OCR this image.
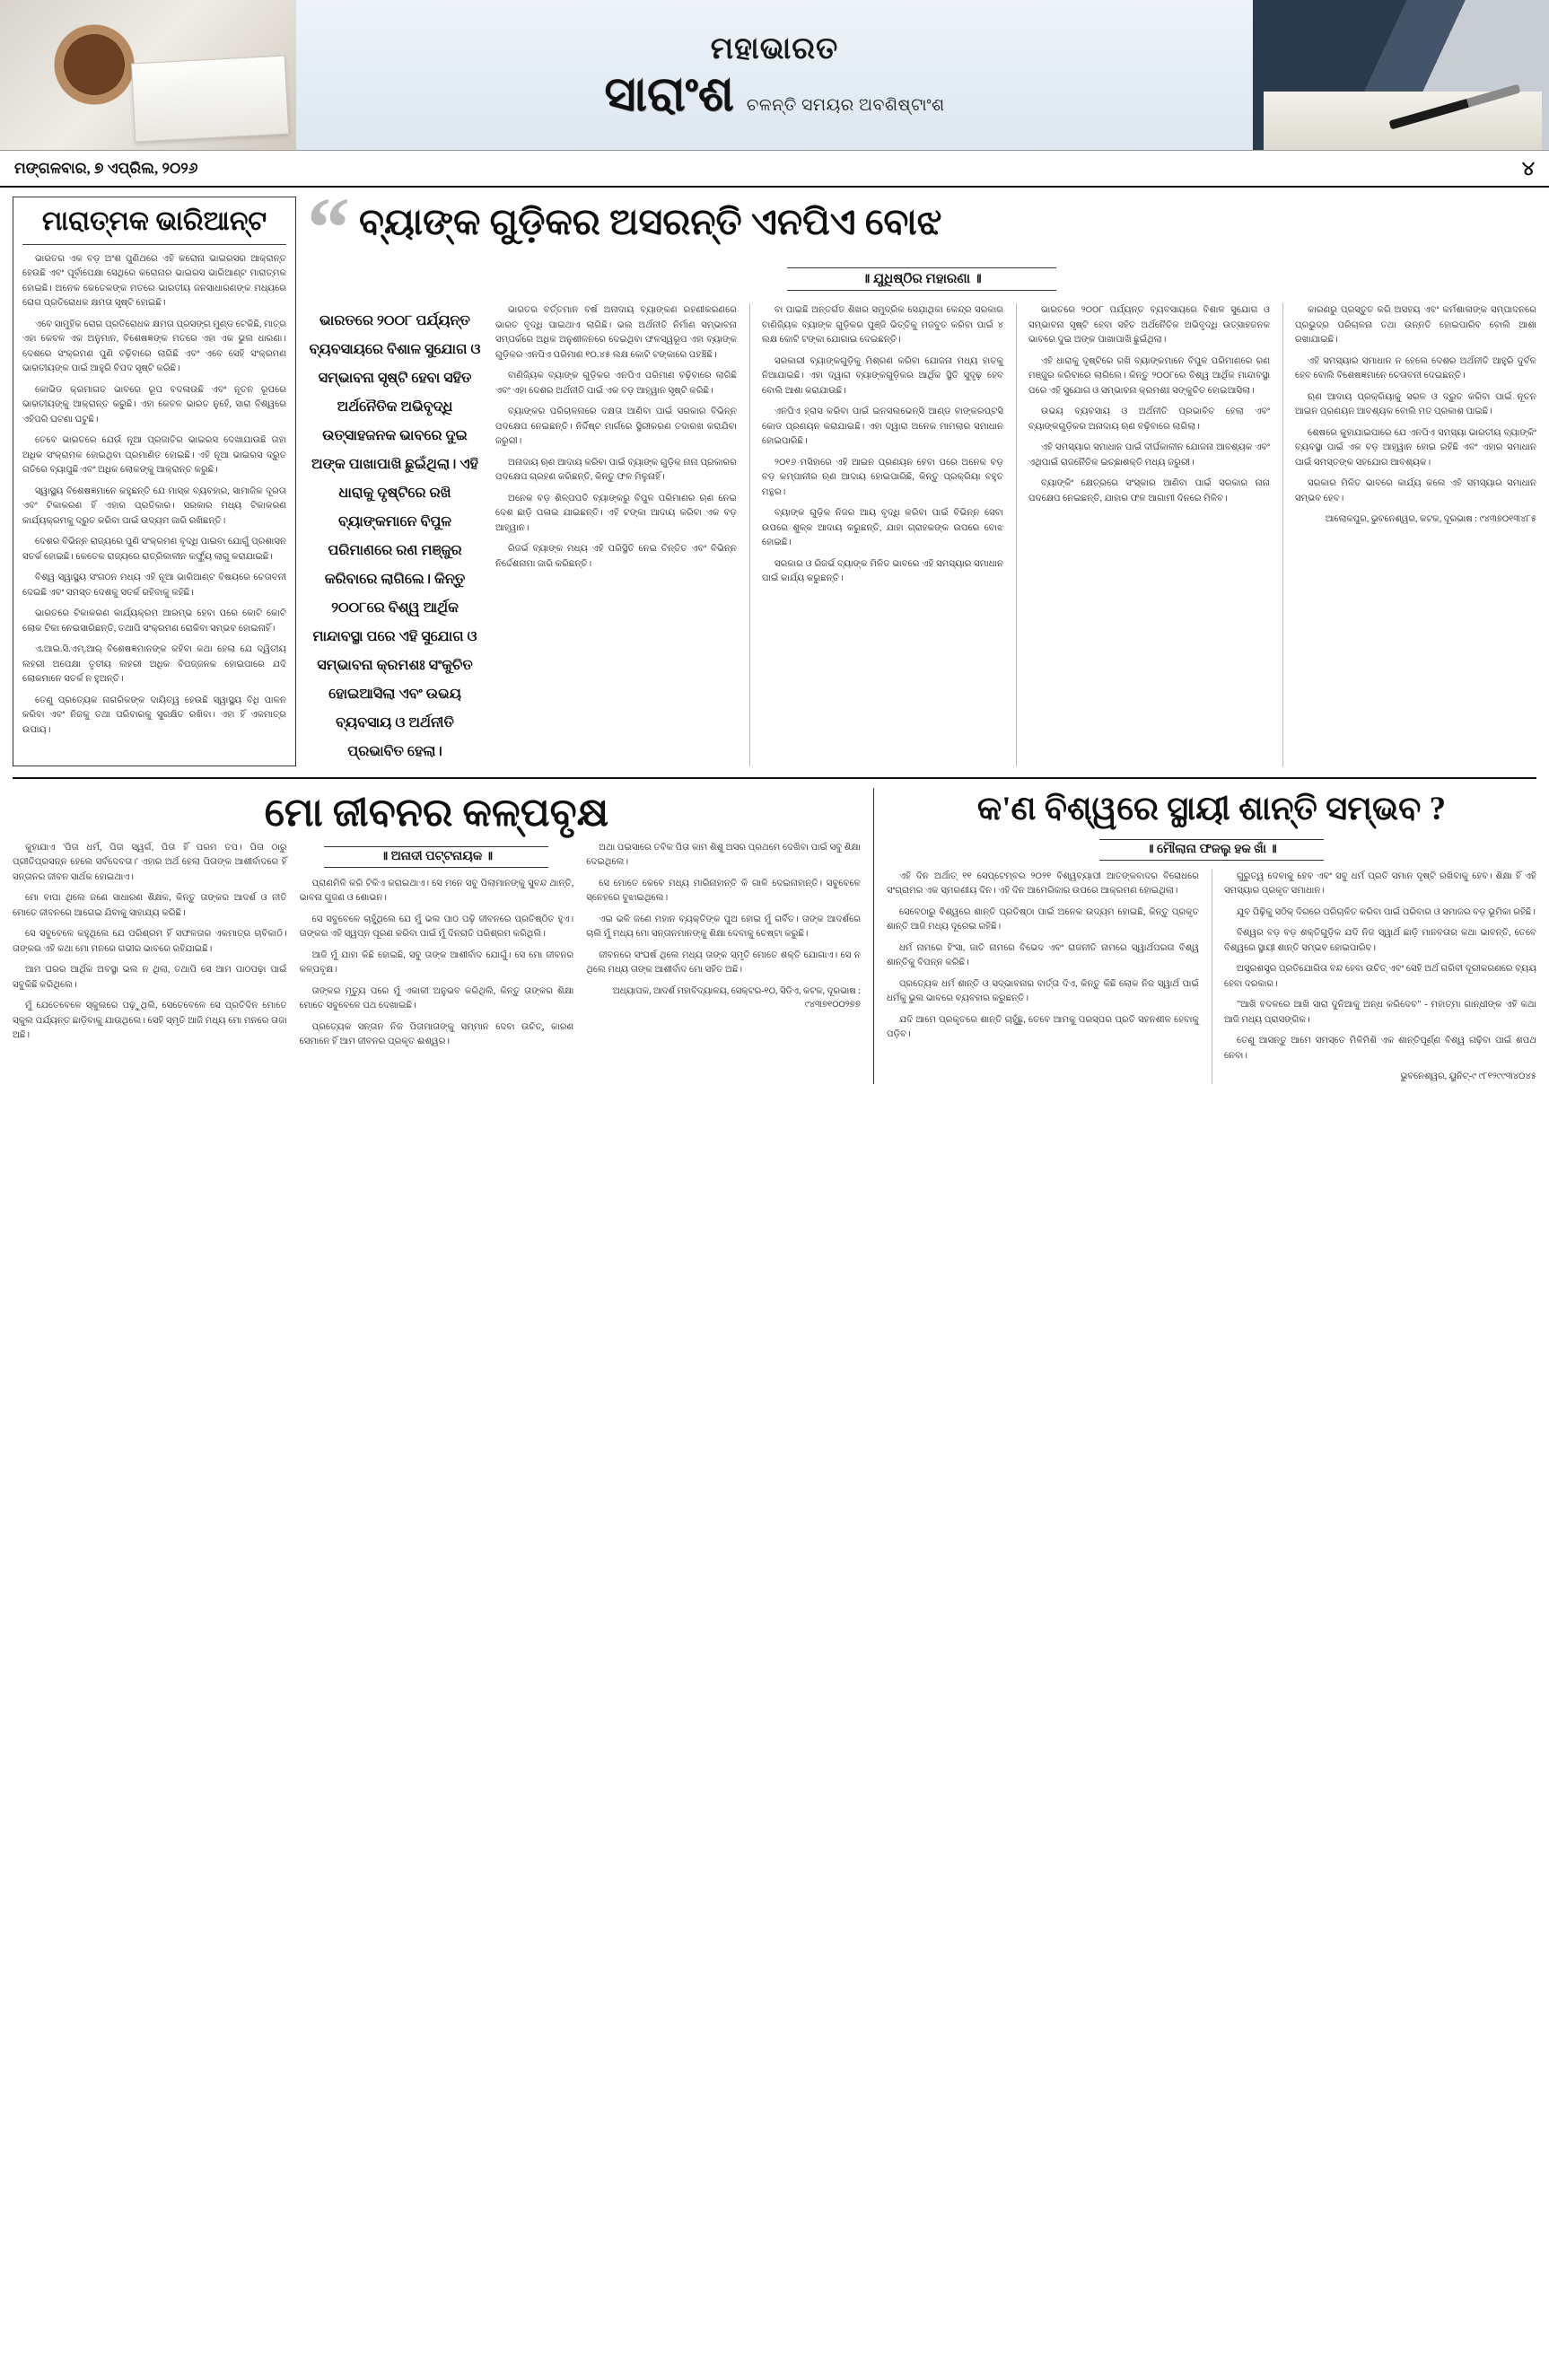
ମହାଭାରତ
ସାରାଂଶ ଚଳନ୍ତି ସମୟର ଅବଶିଷ୍ଟାଂଶ
ମଙ୍ଗଳବାର, ୭ ଏପ୍ରିଲ, ୨୦୨୬	୪
ମାରାତ୍ମକ ଭାରିଆନ୍ଟ

ଭାରତର ଏକ ବଡ଼ ଅଂଶ ପୁଣିଥରେ ଏହି କରୋନା ଭାଇରସର ଆକ୍ରାନ୍ତ ହେଉଛି ଏବଂ ପୂର୍ବାପେକ୍ଷା ସେଥିରେ କରୋନାର ଭାଇରସ ଭାରିଆଣ୍ଟ ମାରାତ୍ମକ ହୋଇଛି। ଅନେକ କେତେକଙ୍କ ମତରେ ଭାରତୀୟ ଜନସାଧାରଣଙ୍କ ମଧ୍ୟରେ ରୋଗ ପ୍ରତିରୋଧକ କ୍ଷମତା ସୃଷ୍ଟି ହୋଇଛି।

ଏବେ ସାମୁହିକ ରୋଗ ପ୍ରତିରୋଧକ କ୍ଷମତା ପ୍ରସଙ୍ଗ ମୁଣ୍ଡ ଟେକିଛି, ମାତ୍ର ଏହା କେବଳ ଏକ ଅନୁମାନ, ବିଶେଷଜ୍ଞଙ୍କ ମତରେ ଏହା ଏକ ଭୁଲ ଧାରଣା। ଦେଶରେ ସଂକ୍ରମଣ ପୁଣି ବଢ଼ିବାରେ ଲାଗିଛି ଏବଂ ଏବେ ସେହି ସଂକ୍ରମଣ ଭାରତୀୟଙ୍କ ପାଇଁ ଆହୁରି ବିପଦ ସୃଷ୍ଟି କରିଛି।

କୋଭିଡ କ୍ରମାଗତ ଭାବରେ ରୂପ ବଦଳାଉଛି ଏବଂ ନୂତନ ରୂପରେ ଭାରତୀୟଙ୍କୁ ଆକ୍ରାନ୍ତ କରୁଛି। ଏହା କେବଳ ଭାରତ ନୁହେଁ, ସାରା ବିଶ୍ୱରେ ଏହିପରି ଘଟଣା ଘଟୁଛି।

ତେବେ ଭାରତରେ ଯେଉଁ ନୂଆ ପ୍ରଜାତିର ଭାଇରସ ଦେଖାଯାଉଛି ତାହା ଅଧିକ ସଂକ୍ରାମକ ହୋଇଥିବା ପ୍ରମାଣିତ ହୋଇଛି। ଏହି ନୂଆ ଭାଇରସ ଦ୍ରୁତ ଗତିରେ ବ୍ୟାପୁଛି ଏବଂ ଅଧିକ ଲୋକଙ୍କୁ ଆକ୍ରାନ୍ତ କରୁଛି।

ସ୍ୱାସ୍ଥ୍ୟ ବିଶେଷଜ୍ଞମାନେ କହୁଛନ୍ତି ଯେ ମାସ୍କ ବ୍ୟବହାର, ସାମାଜିକ ଦୂରତା ଏବଂ ଟିକାକରଣ ହିଁ ଏହାର ପ୍ରତିକାର। ସରକାର ମଧ୍ୟ ଟିକାକରଣ କାର୍ଯ୍ୟକ୍ରମକୁ ଦ୍ରୁତ କରିବା ପାଇଁ ଉଦ୍ୟମ ଜାରି ରଖିଛନ୍ତି।

ଦେଶର ବିଭିନ୍ନ ରାଜ୍ୟରେ ପୁଣି ସଂକ୍ରମଣ ବୃଦ୍ଧି ପାଇବା ଯୋଗୁଁ ପ୍ରଶାସନ ସତର୍କ ହୋଇଛି। କେତେକ ରାଜ୍ୟରେ ରାତ୍ରିକାଳୀନ କର୍ଫ୍ୟୁ ଲାଗୁ କରାଯାଇଛି।

ବିଶ୍ୱ ସ୍ୱାସ୍ଥ୍ୟ ସଂଗଠନ ମଧ୍ୟ ଏହି ନୂଆ ଭାରିଆଣ୍ଟ ବିଷୟରେ ଚେତାବନୀ ଦେଇଛି ଏବଂ ସମସ୍ତ ଦେଶକୁ ସତର୍କ ରହିବାକୁ କହିଛି।

ଭାରତରେ ଟିକାକରଣ କାର୍ଯ୍ୟକ୍ରମ ଆରମ୍ଭ ହେବା ପରେ କୋଟି କୋଟି ଲୋକ ଟିକା ନେଇସାରିଛନ୍ତି, ତଥାପି ସଂକ୍ରମଣ ରୋକିବା ସମ୍ଭବ ହୋଇନାହିଁ।

ଏ.ଆଇ.ସି.ଏମ୍.ଆର୍ ବିଶେଷଜ୍ଞମାନଙ୍କ କହିବା କଥା ହେଲା ଯେ ଦ୍ୱିତୀୟ ଲହରୀ ଅପେକ୍ଷା ତୃତୀୟ ଲହରୀ ଅଧିକ ବିପଜ୍ଜନକ ହୋଇପାରେ ଯଦି ଲୋକମାନେ ସତର୍କ ନ ହୁଅନ୍ତି।

ତେଣୁ ପ୍ରତ୍ୟେକ ନାଗରିକଙ୍କ ଦାୟିତ୍ୱ ହେଉଛି ସ୍ୱାସ୍ଥ୍ୟ ବିଧି ପାଳନ କରିବା ଏବଂ ନିଜକୁ ତଥା ପରିବାରକୁ ସୁରକ୍ଷିତ ରଖିବା। ଏହା ହିଁ ଏକମାତ୍ର ଉପାୟ।

“ ବ୍ୟାଙ୍କ ଗୁଡ଼ିକର ଅସରନ୍ତି ଏନପିଏ ବୋଝ
॥ ଯୁଧିଷ୍ଠିର ମହାରଣା ॥
ଭାରତରେ ୨୦୦୮ ପର୍ଯ୍ୟନ୍ତ ବ୍ୟବସାୟରେ ବିଶାଳ ସୁଯୋଗ ଓ ସମ୍ଭାବନା ସୃଷ୍ଟି ହେବା ସହିତ ଅର୍ଥନୈତିକ ଅଭିବୃଦ୍ଧି ଉତ୍ସାହଜନକ ଭାବରେ ଦୁଇ ଅଙ୍କ ପାଖାପାଖି ଛୁଇଁଥିଲା। ଏହି ଧାରାକୁ ଦୃଷ୍ଟିରେ ରଖି ବ୍ୟାଙ୍କମାନେ ବିପୁଳ ପରିମାଣରେ ରଣ ମଞ୍ଜୁର କରିବାରେ ଲାଗିଲେ। କିନ୍ତୁ ୨୦୦୮ରେ ବିଶ୍ୱ ଆର୍ଥିକ ମାନ୍ଦାବସ୍ଥା ପରେ ଏହି ସୁଯୋଗ ଓ ସମ୍ଭାବନା କ୍ରମଶଃ ସଂକୁଚିତ ହୋଇଆସିଲା ଏବଂ ଉଭୟ ବ୍ୟବସାୟ ଓ ଅର୍ଥନୀତି ପ୍ରଭାବିତ ହେଲା।

ଭାରତର ବର୍ତ୍ତମାନ ବର୍ଷ ଅନାଦାୟ ବ୍ୟାଙ୍କଣ ରହଣୀକରଣରେ ଭାରତ ବୃଦ୍ଧି ପାଇଥାଏ ଲାଗିଛି। ଭଲ ଅର୍ଥନୀତି ନିର୍ମାଣ ସମ୍ଭାବନା ସମ୍ପର୍କରେ ଅଧିକ ଅନୁଶୀଳନରେ ଦେଇଥିବା ଫଳସ୍ୱରୂପ ଏହା ବ୍ୟାଙ୍କ ଗୁଡ଼ିକର ଏନପିଏ ପରିମାଣ ୧୦.୪୫ ଲକ୍ଷ କୋଟି ଟଙ୍କାରେ ପହଞ୍ଚିଛି।

ବାଣିଜ୍ୟିକ ବ୍ୟାଙ୍କ ଗୁଡ଼ିକର ଏନପିଏ ପରିମାଣ ବଢ଼ିବାରେ ଲାଗିଛି ଏବଂ ଏହା ଦେଶର ଅର୍ଥନୀତି ପାଇଁ ଏକ ବଡ଼ ଆହ୍ୱାନ ସୃଷ୍ଟି କରିଛି।

ବ୍ୟାଙ୍କର ପରିଚାଳନାରେ ଦକ୍ଷତା ଆଣିବା ପାଇଁ ସରକାର ବିଭିନ୍ନ ପଦକ୍ଷେପ ନେଇଛନ୍ତି। ନିର୍ଦ୍ଦିଷ୍ଟ ମାର୍ଗରେ ସ୍ଥିରୀକରଣ ତଦାରଖ କରାଯିବା ଜରୁରୀ।

ଅନାଦାୟ ଋଣ ଆଦାୟ କରିବା ପାଇଁ ବ୍ୟାଙ୍କ ଗୁଡ଼ିକ ନାନା ପ୍ରକାରର ପଦକ୍ଷେପ ଗ୍ରହଣ କରିଛନ୍ତି, କିନ୍ତୁ ଫଳ ମିଳୁନାହିଁ।

ଅନେକ ବଡ଼ ଶିଳ୍ପପତି ବ୍ୟାଙ୍କରୁ ବିପୁଳ ପରିମାଣର ଋଣ ନେଇ ଦେଶ ଛାଡ଼ି ପଳାଇ ଯାଇଛନ୍ତି। ଏହି ଟଙ୍କା ଆଦାୟ କରିବା ଏକ ବଡ଼ ଆହ୍ୱାନ।

ରିଜର୍ଭ ବ୍ୟାଙ୍କ ମଧ୍ୟ ଏହି ପରିସ୍ଥିତି ନେଇ ଚିନ୍ତିତ ଏବଂ ବିଭିନ୍ନ ନିର୍ଦ୍ଦେଶନାମା ଜାରି କରିଛନ୍ତି।

ବା ପାଇଛି ଅନ୍ତର୍ଗତ ଶିଖର ସମୁଦ୍ରିକ ସେଯ଼ାଥିକା କେନ୍ଦ୍ର ସରକାର ବାଣିଜ୍ୟିକ ବ୍ୟାଙ୍କ ଗୁଡ଼ିକର ପୁଞ୍ଜି ଭିତ୍ତିକୁ ମଜବୁତ କରିବା ପାଇଁ ୪ ଲକ୍ଷ କୋଟି ଟଙ୍କା ଯୋଗାଇ ଦେଇଛନ୍ତି।

ସରକାରୀ ବ୍ୟାଙ୍କଗୁଡ଼ିକୁ ମିଶ୍ରଣ କରିବା ଯୋଜନା ମଧ୍ୟ ହାତକୁ ନିଆଯାଇଛି। ଏହା ଦ୍ୱାରା ବ୍ୟାଙ୍କଗୁଡ଼ିକର ଆର୍ଥିକ ସ୍ଥିତି ସୁଦୃଢ଼ ହେବ ବୋଲି ଆଶା କରାଯାଉଛି।

ଏନପିଏ ହ୍ରାସ କରିବା ପାଇଁ ଇନସଲଭେନ୍ସି ଆଣ୍ଡ ବାଙ୍କରପ୍ଟସି କୋଡ ପ୍ରଣୟନ କରାଯାଇଛି। ଏହା ଦ୍ୱାରା ଅନେକ ମାମଲାର ସମାଧାନ ହୋଇପାରିଛି।

୨୦୧୬ ମସିହାରେ ଏହି ଆଇନ ପ୍ରଣୟନ ହେବା ପରେ ଅନେକ ବଡ଼ ବଡ଼ କମ୍ପାନୀର ଋଣ ଆଦାୟ ହୋଇପାରିଛି, କିନ୍ତୁ ପ୍ରକ୍ରିୟା ବହୁତ ମନ୍ଥର।

ବ୍ୟାଙ୍କ ଗୁଡ଼ିକ ନିଜର ଆୟ ବୃଦ୍ଧି କରିବା ପାଇଁ ବିଭିନ୍ନ ସେବା ଉପରେ ଶୁଳ୍କ ଆଦାୟ କରୁଛନ୍ତି, ଯାହା ଗ୍ରାହକଙ୍କ ଉପରେ ବୋଝ ହୋଇଛି।

ସରକାର ଓ ରିଜର୍ଭ ବ୍ୟାଙ୍କ ମିଳିତ ଭାବରେ ଏହି ସମସ୍ୟାର ସମାଧାନ ପାଇଁ କାର୍ଯ୍ୟ କରୁଛନ୍ତି।

ଭାରତରେ ୨୦୦୮ ପର୍ଯ୍ୟନ୍ତ ବ୍ୟବସାୟରେ ବିଶାଳ ସୁଯୋଗ ଓ ସମ୍ଭାବନା ସୃଷ୍ଟି ହେବା ସହିତ ଅର୍ଥନୈତିକ ଅଭିବୃଦ୍ଧି ଉତ୍ସାହଜନକ ଭାବରେ ଦୁଇ ଅଙ୍କ ପାଖାପାଖି ଛୁଇଁଥିଲା।

ଏହି ଧାରାକୁ ଦୃଷ୍ଟିରେ ରଖି ବ୍ୟାଙ୍କମାନେ ବିପୁଳ ପରିମାଣରେ ରଣ ମଞ୍ଜୁର କରିବାରେ ଲାଗିଲେ। କିନ୍ତୁ ୨୦୦୮ରେ ବିଶ୍ୱ ଆର୍ଥିକ ମାନ୍ଦାବସ୍ଥା ପରେ ଏହି ସୁଯୋଗ ଓ ସମ୍ଭାବନା କ୍ରମଶଃ ସଙ୍କୁଚିତ ହୋଇଆସିଲା।

ଉଭୟ ବ୍ୟବସାୟ ଓ ଅର୍ଥନୀତି ପ୍ରଭାବିତ ହେଲା ଏବଂ ବ୍ୟାଙ୍କଗୁଡ଼ିକର ଅନାଦାୟ ଋଣ ବଢ଼ିବାରେ ଲାଗିଲା।

ଏହି ସମସ୍ୟାର ସମାଧାନ ପାଇଁ ଦୀର୍ଘକାଳୀନ ଯୋଜନା ଆବଶ୍ୟକ ଏବଂ ଏଥିପାଇଁ ରାଜନୈତିକ ଇଚ୍ଛାଶକ୍ତି ମଧ୍ୟ ଜରୁରୀ।

ବ୍ୟାଙ୍କିଂ କ୍ଷେତ୍ରରେ ସଂସ୍କାର ଆଣିବା ପାଇଁ ସରକାର ନାନା ପଦକ୍ଷେପ ନେଇଛନ୍ତି, ଯାହାର ଫଳ ଆଗାମୀ ଦିନରେ ମିଳିବ।

କାରଣରୁ ପ୍ରସ୍ତୁତ କରି ଅସହୟ ଏବଂ କର୍ମଶାଳାଙ୍କ ସମ୍ପାଦନରେ ପ୍ରଭୁଦ୍ର ପରିଚାଳନା ତଥା ଉନ୍ନତି ହୋଇପାରିବ ବୋଲି ଆଶା ରଖାଯାଇଛି।

ଏହି ସମସ୍ୟାର ସମାଧାନ ନ ହେଲେ ଦେଶର ଅର୍ଥନୀତି ଆହୁରି ଦୁର୍ବଳ ହେବ ବୋଲି ବିଶେଷଜ୍ଞମାନେ ଚେତାବନୀ ଦେଇଛନ୍ତି।

ଋଣ ଆଦାୟ ପ୍ରକ୍ରିୟାକୁ ସରଳ ଓ ଦ୍ରୁତ କରିବା ପାଇଁ ନୂତନ ଆଇନ ପ୍ରଣୟନ ଆବଶ୍ୟକ ବୋଲି ମତ ପ୍ରକାଶ ପାଇଛି।

ଶେଷରେ କୁହାଯାଇପାରେ ଯେ ଏନପିଏ ସମସ୍ୟା ଭାରତୀୟ ବ୍ୟାଙ୍କିଂ ବ୍ୟବସ୍ଥା ପାଇଁ ଏକ ବଡ଼ ଆହ୍ୱାନ ହୋଇ ରହିଛି ଏବଂ ଏହାର ସମାଧାନ ପାଇଁ ସମସ୍ତଙ୍କ ସହଯୋଗ ଆବଶ୍ୟକ।

ସରକାର ମିଳିତ ଭାବରେ କାର୍ଯ୍ୟ କଲେ ଏହି ସମସ୍ୟାର ସମାଧାନ ସମ୍ଭବ ହେବ।

ଆଲୋକପୁର, ଭୁବନେଶ୍ୱର, କଟକ, ଦୂରଭାଷ : ୯୪୩୭୦୧୩୪୮୫
ମୋ ଜୀବନର କଳ୍ପବୃକ୍ଷ

କୁହାଯାଏ 'ପିତା ଧର୍ମ, ପିତା ସ୍ୱର୍ଗ, ପିତା ହିଁ ପରମ ତପ। ପିତା ଠାରୁ ପ୍ରୀତିପ୍ରସନ୍ନ ହେଲେ ସର୍ବଦେବତା।' ଏହାର ଅର୍ଥ ହେଲା ପିତାଙ୍କ ଆଶୀର୍ବାଦରେ ହିଁ ସନ୍ତାନର ଜୀବନ ସାର୍ଥକ ହୋଇଥାଏ।

ମୋ ବାପା ଥିଲେ ଜଣେ ସାଧାରଣ ଶିକ୍ଷକ, କିନ୍ତୁ ତାଙ୍କର ଆଦର୍ଶ ଓ ନୀତି ମୋତେ ଜୀବନରେ ଆଗେଇ ଯିବାକୁ ସାହାଯ୍ୟ କରିଛି।

ସେ ସବୁବେଳେ କହୁଥିଲେ ଯେ ପରିଶ୍ରମ ହିଁ ସଫଳତାର ଏକମାତ୍ର ଚାବିକାଠି। ତାଙ୍କର ଏହି କଥା ମୋ ମନରେ ଗଭୀର ଭାବରେ ରହିଯାଇଛି।

ଆମ ଘରର ଆର୍ଥିକ ଅବସ୍ଥା ଭଲ ନ ଥିଲା, ତଥାପି ସେ ଆମ ପାଠପଢ଼ା ପାଇଁ ସବୁକିଛି କରିଥିଲେ।

ମୁଁ ଯେତେବେଳେ ସ୍କୁଲରେ ପଢ଼ୁଥିଲି, ସେତେବେଳେ ସେ ପ୍ରତିଦିନ ମୋତେ ସ୍କୁଲ ପର୍ଯ୍ୟନ୍ତ ଛାଡ଼ିବାକୁ ଯାଉଥିଲେ। ସେହି ସ୍ମୃତି ଆଜି ମଧ୍ୟ ମୋ ମନରେ ତାଜା ଅଛି।

॥ ଅନାଦୀ ପଟ୍ଟନାୟକ ॥

ପ୍ରାଣମିଳି କରି ଟିକିଏ କରାଇଥାଏ। ସେ ମନେ ସବୁ ପିଲାମାନଙ୍କୁ ସୁବନ୍ଦ ଥାନ୍ତି, ଭାବନା ଗୁଜଣ ଓ ଶୋଭନ।

ସେ ସବୁବେଳେ ଚାହୁଁଥିଲେ ଯେ ମୁଁ ଭଲ ପାଠ ପଢ଼ି ଜୀବନରେ ପ୍ରତିଷ୍ଠିତ ହୁଏ। ତାଙ୍କର ଏହି ସ୍ୱପ୍ନ ପୂରଣ କରିବା ପାଇଁ ମୁଁ ଦିନରାତି ପରିଶ୍ରମ କରିଥିଲି।

ଆଜି ମୁଁ ଯାହା କିଛି ହୋଇଛି, ସବୁ ତାଙ୍କ ଆଶୀର୍ବାଦ ଯୋଗୁଁ। ସେ ମୋ ଜୀବନର କଳ୍ପବୃକ୍ଷ।

ତାଙ୍କର ମୃତ୍ୟୁ ପରେ ମୁଁ ଏକାକୀ ଅନୁଭବ କରିଥିଲି, କିନ୍ତୁ ତାଙ୍କର ଶିକ୍ଷା ମୋତେ ସବୁବେଳେ ପଥ ଦେଖାଇଛି।

ପ୍ରତ୍ୟେକ ସନ୍ତାନ ନିଜ ପିତାମାତାଙ୍କୁ ସମ୍ମାନ ଦେବା ଉଚିତ୍, କାରଣ ସେମାନେ ହିଁ ଆମ ଜୀବନର ପ୍ରକୃତ ଈଶ୍ୱର।

ଅଥା ପଇସାରେ ତବିକ ପିତା କାମ ଶିଶୁ ଅସର ପ୍ରଥମେ ଦେଖିବା ପାଇଁ ସବୁ ଶିକ୍ଷା ଦେଇଥିଲେ।

ସେ ମୋତେ କେବେ ମଧ୍ୟ ମାରିନାହାନ୍ତି କି ଗାଳି ଦେଇନାହାନ୍ତି। ସବୁବେଳେ ସ୍ନେହରେ ବୁଝାଇଥିଲେ।

ଏଇ ଭଳି ଜଣେ ମହାନ ବ୍ୟକ୍ତିଙ୍କ ପୁଅ ହୋଇ ମୁଁ ଗର୍ବିତ। ତାଙ୍କ ଆଦର୍ଶରେ ଚାଲି ମୁଁ ମଧ୍ୟ ମୋ ସନ୍ତାନମାନଙ୍କୁ ଶିକ୍ଷା ଦେବାକୁ ଚେଷ୍ଟା କରୁଛି।

ଜୀବନରେ ସଂଘର୍ଷ ଥିଲେ ମଧ୍ୟ ତାଙ୍କ ସ୍ମୃତି ମୋତେ ଶକ୍ତି ଯୋଗାଏ। ସେ ନ ଥିଲେ ମଧ୍ୟ ତାଙ୍କ ଆଶୀର୍ବାଦ ମୋ ସହିତ ଅଛି।

ଅଧ୍ୟାପକ, ଆଦର୍ଶ ମହାବିଦ୍ୟାଳୟ, ସେକ୍ଟର-୧୦, ସିଡିଏ, କଟକ, ଦୂରଭାଷ : ୯୪୩୭୧୦୦୨୭୭
କ'ଣ ବିଶ୍ୱରେ ସ୍ଥାୟୀ ଶାନ୍ତି ସମ୍ଭବ ?
॥ ମୌଲାନା ଫଜଲୁ ହକ ଖାଁ ॥

ଏହି ଦିନ ଅର୍ଥାତ୍ ୧୧ ସେପ୍ଟେମ୍ବର ୨୦୨୧ ବିଶ୍ୱବ୍ୟାପୀ ଆତଙ୍କବାଦର ବିରୋଧରେ ସଂଗ୍ରାମର ଏକ ସ୍ମରଣୀୟ ଦିନ। ଏହି ଦିନ ଆମେରିକାର ଉପରେ ଆକ୍ରମଣ ହୋଇଥିଲା।

ସେବେଠାରୁ ବିଶ୍ୱରେ ଶାନ୍ତି ପ୍ରତିଷ୍ଠା ପାଇଁ ଅନେକ ଉଦ୍ୟମ ହୋଇଛି, କିନ୍ତୁ ପ୍ରକୃତ ଶାନ୍ତି ଆଜି ମଧ୍ୟ ଦୂରେଇ ରହିଛି।

ଧର୍ମ ନାମରେ ହିଂସା, ଜାତି ନାମରେ ବିଭେଦ ଏବଂ ରାଜନୀତି ନାମରେ ସ୍ୱାର୍ଥପରତା ବିଶ୍ୱ ଶାନ୍ତିକୁ ବିପନ୍ନ କରିଛି।

ପ୍ରତ୍ୟେକ ଧର୍ମ ଶାନ୍ତି ଓ ସଦ୍ଭାବନାର ବାର୍ତ୍ତା ଦିଏ, କିନ୍ତୁ କିଛି ଲୋକ ନିଜ ସ୍ୱାର୍ଥ ପାଇଁ ଧର୍ମକୁ ଭୁଲ ଭାବରେ ବ୍ୟବହାର କରୁଛନ୍ତି।

ଯଦି ଆମେ ପ୍ରକୃତରେ ଶାନ୍ତି ଚାହୁଁଛୁ, ତେବେ ଆମକୁ ପରସ୍ପର ପ୍ରତି ସହନଶୀଳ ହେବାକୁ ପଡ଼ିବ।

ଗୁରୁତ୍ୱ ଦେବାକୁ ହେବ ଏବଂ ସବୁ ଧର୍ମ ପ୍ରତି ସମାନ ଦୃଷ୍ଟି ରଖିବାକୁ ହେବ। ଶିକ୍ଷା ହିଁ ଏହି ସମସ୍ୟାର ପ୍ରକୃତ ସମାଧାନ।

ଯୁବ ପିଢ଼ିକୁ ସଠିକ୍ ଦିଗରେ ପରିଚାଳିତ କରିବା ପାଇଁ ପରିବାର ଓ ସମାଜର ବଡ଼ ଭୂମିକା ରହିଛି।

ବିଶ୍ୱର ବଡ଼ ବଡ଼ ଶକ୍ତିଗୁଡ଼ିକ ଯଦି ନିଜ ସ୍ୱାର୍ଥ ଛାଡ଼ି ମାନବତାର କଥା ଭାବନ୍ତି, ତେବେ ବିଶ୍ୱରେ ସ୍ଥାୟୀ ଶାନ୍ତି ସମ୍ଭବ ହୋଇପାରିବ।

ଅସ୍ତ୍ରଶସ୍ତ୍ର ପ୍ରତିଯୋଗିତା ବନ୍ଦ ହେବା ଉଚିତ୍ ଏବଂ ସେହି ଅର୍ଥ ଗରିବୀ ଦୂରୀକରଣରେ ବ୍ୟୟ ହେବା ଦରକାର।

"ଆଖି ବଦଳରେ ଆଖି ସାରା ଦୁନିଆକୁ ଅନ୍ଧ କରିଦେବ" - ମହାତ୍ମା ଗାନ୍ଧୀଙ୍କ ଏହି କଥା ଆଜି ମଧ୍ୟ ପ୍ରାସଙ୍ଗିକ।

ତେଣୁ ଆସନ୍ତୁ ଆମେ ସମସ୍ତେ ମିଳିମିଶି ଏକ ଶାନ୍ତିପୂର୍ଣ୍ଣ ବିଶ୍ୱ ଗଢ଼ିବା ପାଇଁ ଶପଥ ନେବା।

ଭୁବନେଶ୍ୱର, ୟୁନିଟ୍-୯ ୯୮୧୨୯୯୩୪୦୪୫
